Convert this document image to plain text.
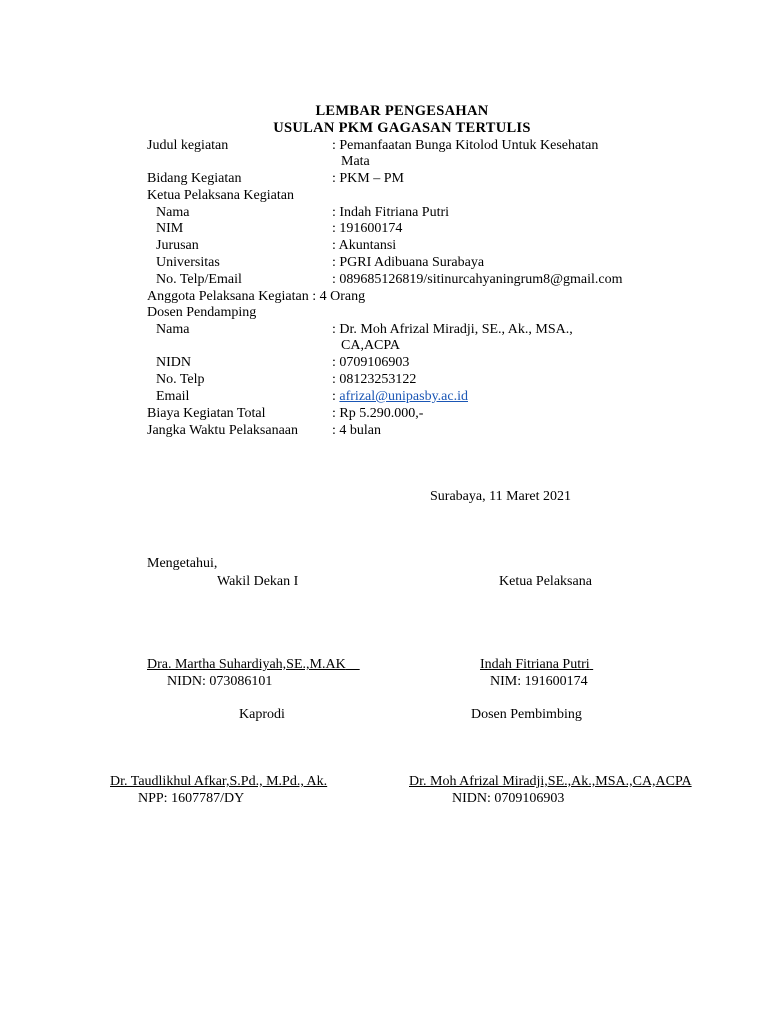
LEMBAR PENGESAHAN
USULAN PKM GAGASAN TERTULIS
Judul kegiatan	: Pemanfaatan Bunga Kitolod Untuk Kesehatan
Mata
Bidang Kegiatan	: PKM – PM
Ketua Pelaksana Kegiatan
Nama	: Indah Fitriana Putri
NIM	: 191600174
Jurusan	: Akuntansi
Universitas	: PGRI Adibuana Surabaya
No. Telp/Email	: 089685126819/sitinurcahyaningrum8@gmail.com
Anggota Pelaksana Kegiatan : 4 Orang
Dosen Pendamping
Nama	: Dr. Moh Afrizal Miradji, SE., Ak., MSA.,
CA,ACPA
NIDN	: 0709106903
No. Telp	: 08123253122
Email	: afrizal@unipasby.ac.id
Biaya Kegiatan Total	: Rp 5.290.000,-
Jangka Waktu Pelaksanaan : 4 bulan
Surabaya, 11 Maret 2021
Mengetahui,
Wakil Dekan I	Ketua Pelaksana
Dra. Martha Suhardiyah,SE.,M.AK
NIDN: 073086101
Indah Fitriana Putri
NIM: 191600174
Kaprodi	Dosen Pembimbing
Dr. Taudlikhul Afkar,S.Pd., M.Pd., Ak.
NPP: 1607787/DY
Dr. Moh Afrizal Miradji,SE.,Ak.,MSA.,CA,ACPA
NIDN: 0709106903
